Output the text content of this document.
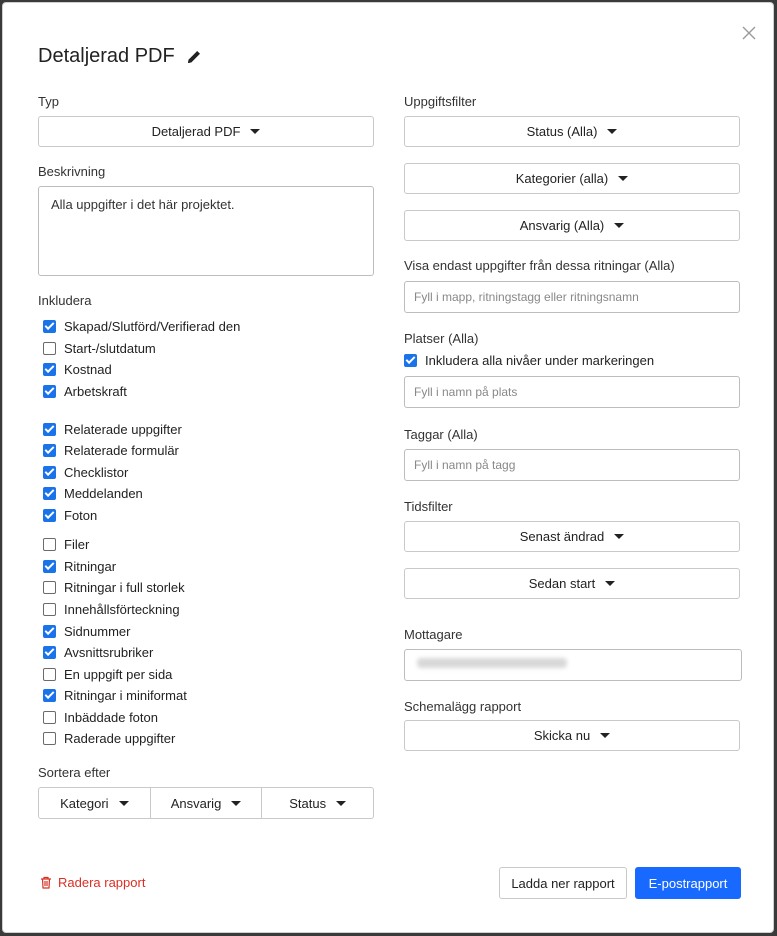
Detaljerad PDF
Typ
Detaljerad PDF
Beskrivning
Alla uppgifter i det här projektet.
Inkludera
Skapad/Slutförd/Verifierad den
Start-/slutdatum
Kostnad
Arbetskraft
Relaterade uppgifter
Relaterade formulär
Checklistor
Meddelanden
Foton
Filer
Ritningar
Ritningar i full storlek
Innehållsförteckning
Sidnummer
Avsnittsrubriker
En uppgift per sida
Ritningar i miniformat
Inbäddade foton
Raderade uppgifter
Sortera efter
Kategori	Ansvarig	Status
Uppgiftsfilter
Status (Alla)
Kategorier (alla)
Ansvarig (Alla)
Visa endast uppgifter från dessa ritningar (Alla)
Fyll i mapp, ritningstagg eller ritningsnamn
Platser (Alla)
Inkludera alla nivåer under markeringen
Fyll i namn på plats
Taggar (Alla)
Fyll i namn på tagg
Tidsfilter
Senast ändrad
Sedan start
Mottagare
Schemalägg rapport
Skicka nu
Radera rapport	Ladda ner rapport	E-postrapport
